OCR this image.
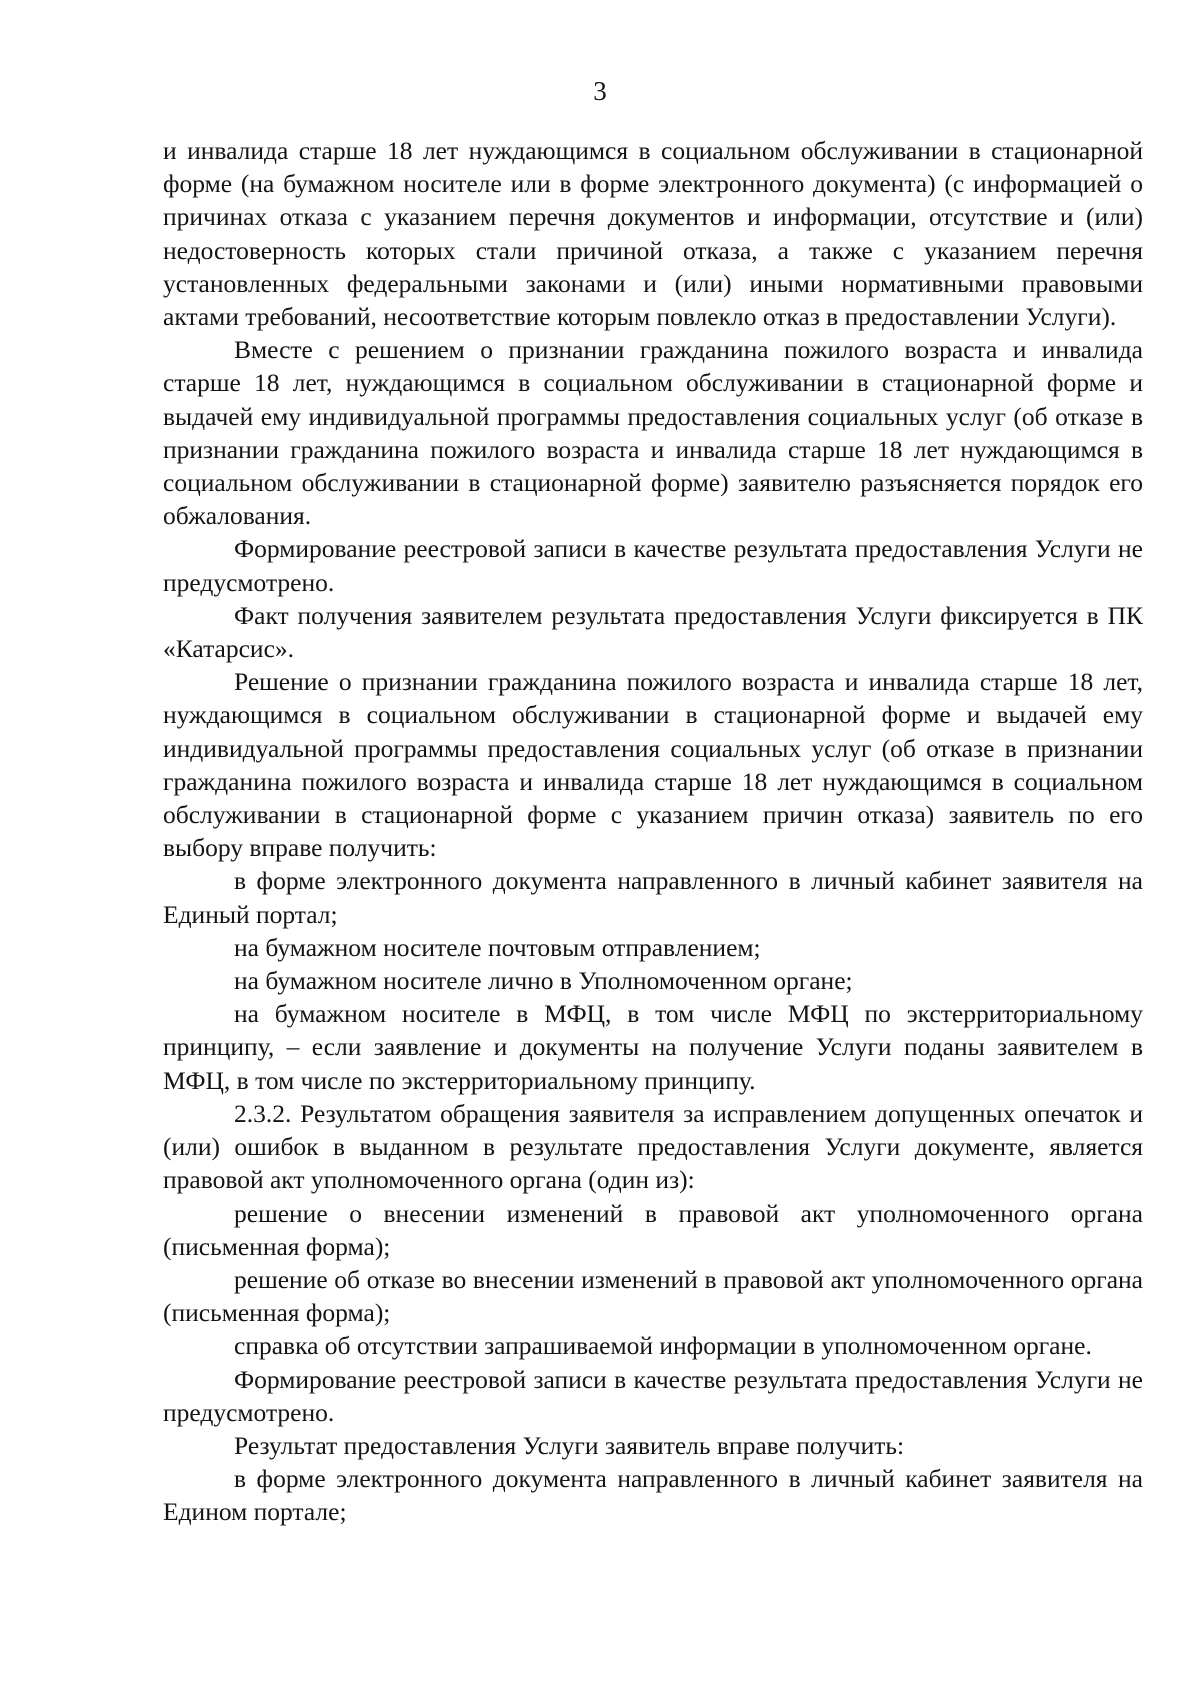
3

и инвалида старше 18 лет нуждающимся в социальном обслуживании в стационарной форме (на бумажном носителе или в форме электронного документа) (с информацией о причинах отказа с указанием перечня документов и информации, отсутствие и (или) недостоверность которых стали причиной отказа, а также с указанием перечня установленных федеральными законами и (или) иными нормативными правовыми актами требований, несоответствие которым повлекло отказ в предоставлении Услуги).

Вместе с решением о признании гражданина пожилого возраста и инвалида старше 18 лет, нуждающимся в социальном обслуживании в стационарной форме и выдачей ему индивидуальной программы предоставления социальных услуг (об отказе в признании гражданина пожилого возраста и инвалида старше 18 лет нуждающимся в социальном обслуживании в стационарной форме) заявителю разъясняется порядок его обжалования.

Формирование реестровой записи в качестве результата предоставления Услуги не предусмотрено.

Факт получения заявителем результата предоставления Услуги фиксируется в ПК «Катарсис».

Решение о признании гражданина пожилого возраста и инвалида старше 18 лет, нуждающимся в социальном обслуживании в стационарной форме и выдачей ему индивидуальной программы предоставления социальных услуг (об отказе в признании гражданина пожилого возраста и инвалида старше 18 лет нуждающимся в социальном обслуживании в стационарной форме с указанием причин отказа) заявитель по его выбору вправе получить:

в форме электронного документа направленного в личный кабинет заявителя на Единый портал;

на бумажном носителе почтовым отправлением;

на бумажном носителе лично в Уполномоченном органе;

на бумажном носителе в МФЦ, в том числе МФЦ по экстерриториальному принципу, – если заявление и документы на получение Услуги поданы заявителем в МФЦ, в том числе по экстерриториальному принципу.

2.3.2. Результатом обращения заявителя за исправлением допущенных опечаток и (или) ошибок в выданном в результате предоставления Услуги документе, является правовой акт уполномоченного органа (один из):

решение о внесении изменений в правовой акт уполномоченного органа (письменная форма);

решение об отказе во внесении изменений в правовой акт уполномоченного органа (письменная форма);

справка об отсутствии запрашиваемой информации в уполномоченном органе.

Формирование реестровой записи в качестве результата предоставления Услуги не предусмотрено.

Результат предоставления Услуги заявитель вправе получить:

в форме электронного документа направленного в личный кабинет заявителя на Едином портале;
